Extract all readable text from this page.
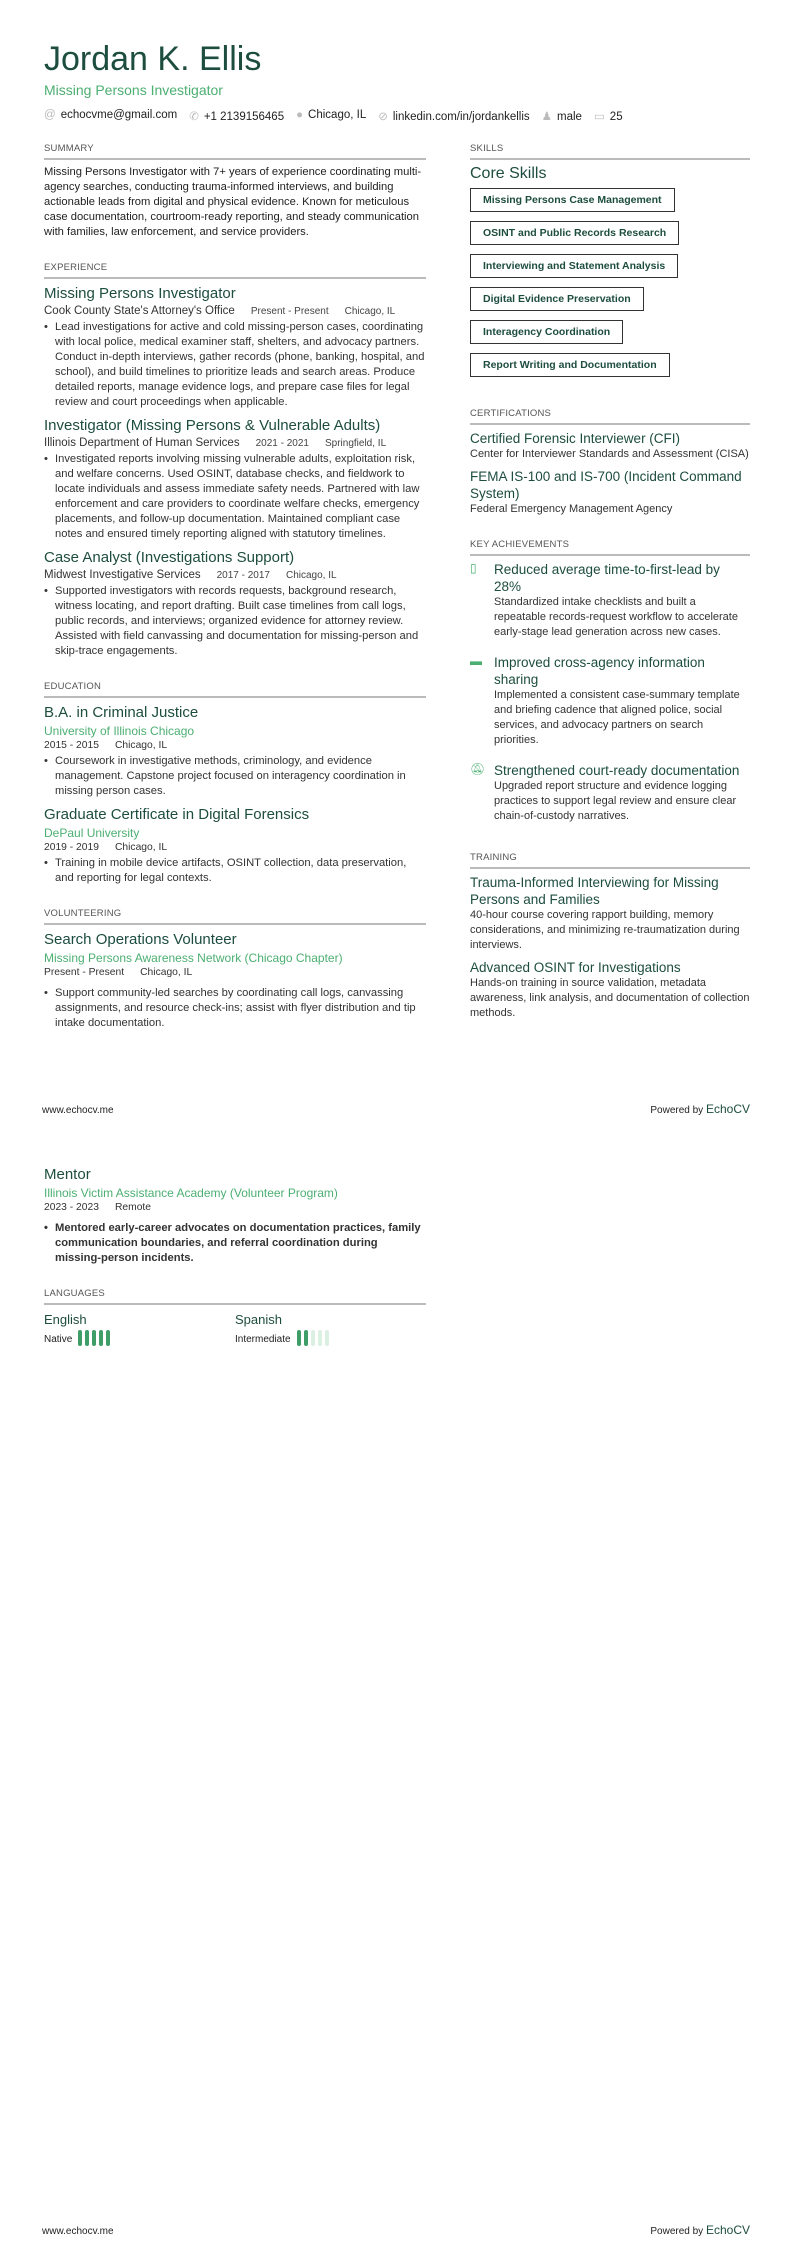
Jordan K. Ellis
Missing Persons Investigator
@ echocvme@gmail.com ✆ +1 2139156465 ● Chicago, IL ⊘ linkedin.com/in/jordankellis ♟ male ▭ 25
SUMMARY

Missing Persons Investigator with 7+ years of experience coordinating multi-agency searches, conducting trauma-informed interviews, and building actionable leads from digital and physical evidence. Known for meticulous case documentation, courtroom-ready reporting, and steady communication with families, law enforcement, and service providers.

EXPERIENCE
Missing Persons Investigator
Cook County State's Attorney's Office Present - Present Chicago, IL
• Lead investigations for active and cold missing-person cases, coordinating with local police, medical examiner staff, shelters, and advocacy partners. Conduct in-depth interviews, gather records (phone, banking, hospital, and school), and build timelines to prioritize leads and search areas. Produce detailed reports, manage evidence logs, and prepare case files for legal review and court proceedings when applicable.
Investigator (Missing Persons & Vulnerable Adults)
Illinois Department of Human Services 2021 - 2021 Springfield, IL
• Investigated reports involving missing vulnerable adults, exploitation risk, and welfare concerns. Used OSINT, database checks, and fieldwork to locate individuals and assess immediate safety needs. Partnered with law enforcement and care providers to coordinate welfare checks, emergency placements, and follow-up documentation. Maintained compliant case notes and ensured timely reporting aligned with statutory timelines.
Case Analyst (Investigations Support)
Midwest Investigative Services 2017 - 2017 Chicago, IL
• Supported investigators with records requests, background research, witness locating, and report drafting. Built case timelines from call logs, public records, and interviews; organized evidence for attorney review. Assisted with field canvassing and documentation for missing-person and skip-trace engagements.
EDUCATION
B.A. in Criminal Justice
University of Illinois Chicago
2015 - 2015 Chicago, IL
• Coursework in investigative methods, criminology, and evidence management. Capstone project focused on interagency coordination in missing person cases.
Graduate Certificate in Digital Forensics
DePaul University
2019 - 2019 Chicago, IL
• Training in mobile device artifacts, OSINT collection, data preservation, and reporting for legal contexts.
VOLUNTEERING
Search Operations Volunteer
Missing Persons Awareness Network (Chicago Chapter)
Present - Present Chicago, IL
• Support community-led searches by coordinating call logs, canvassing assignments, and resource check-ins; assist with flyer distribution and tip intake documentation.
SKILLS
Core Skills
Missing Persons Case Management
OSINT and Public Records Research
Interviewing and Statement Analysis
Digital Evidence Preservation
Interagency Coordination
Report Writing and Documentation
CERTIFICATIONS
Certified Forensic Interviewer (CFI)
Center for Interviewer Standards and Assessment (CISA)
FEMA IS-100 and IS-700 (Incident Command System)
Federal Emergency Management Agency
KEY ACHIEVEMENTS
▯	Reduced average time-to-first-lead by 28%
Standardized intake checklists and built a repeatable records-request workflow to accelerate early-stage lead generation across new cases.
▬ Improved cross-agency information sharing
Implemented a consistent case-summary template and briefing cadence that aligned police, social services, and advocacy partners on search priorities.
🔕︎ Strengthened court-ready documentation
Upgraded report structure and evidence logging practices to support legal review and ensure clear chain-of-custody narratives.
TRAINING
Trauma-Informed Interviewing for Missing Persons and Families
40-hour course covering rapport building, memory considerations, and minimizing re-traumatization during interviews.
Advanced OSINT for Investigations
Hands-on training in source validation, metadata awareness, link analysis, and documentation of collection methods.
www.echocv.me	Powered by EchoCV
Mentor
Illinois Victim Assistance Academy (Volunteer Program)
2023 - 2023 Remote
• Mentored early-career advocates on documentation practices, family communication boundaries, and referral coordination during missing-person incidents.
LANGUAGES
English
Native
Spanish
Intermediate
www.echocv.me	Powered by EchoCV
